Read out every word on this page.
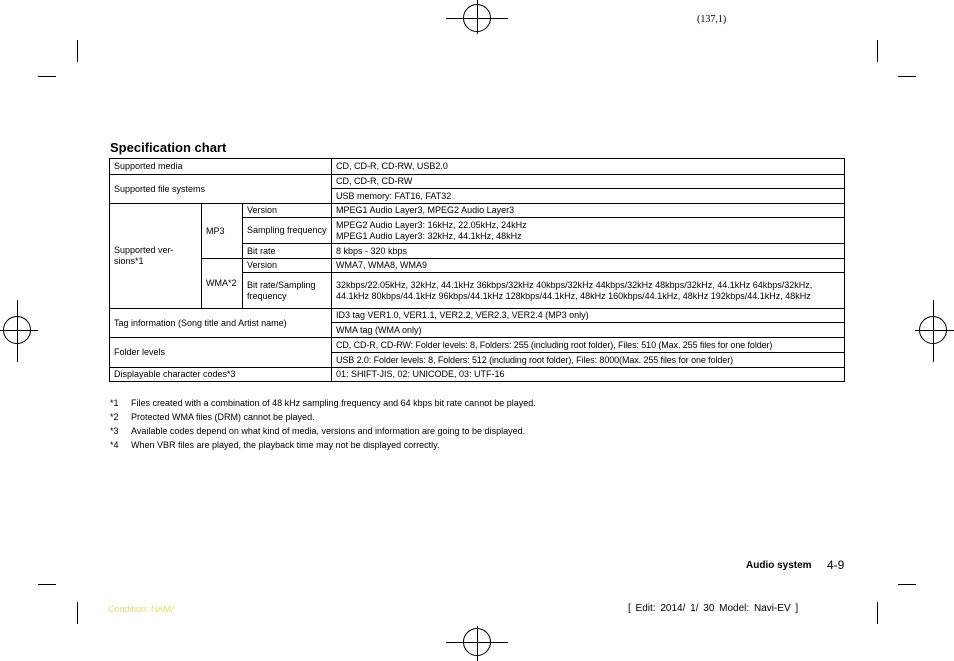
(137,1)
Specification chart
Supported media			CD, CD-R, CD-RW, USB2.0
Supported file systems			CD, CD-R, CD-RW
			USB memory: FAT16, FAT32
Supported ver-
sions*1	MP3	Version	MPEG1 Audio Layer3, MPEG2 Audio Layer3
		Sampling frequency	MPEG2 Audio Layer3: 16kHz, 22.05kHz, 24kHz
MPEG1 Audio Layer3: 32kHz, 44.1kHz, 48kHz
		Bit rate	8 kbps - 320 kbps
	WMA*2	Version	WMA7, WMA8, WMA9
		Bit rate/Sampling frequency	32kbps/22.05kHz, 32kHz, 44.1kHz 36kbps/32kHz 40kbps/32kHz 44kbps/32kHz 48kbps/32kHz, 44.1kHz 64kbps/32kHz, 44.1kHz 80kbps/44.1kHz 96kbps/44.1kHz 128kbps/44.1kHz, 48kHz 160kbps/44.1kHz, 48kHz 192kbps/44.1kHz, 48kHz
Tag information (Song title and Artist name)			ID3 tag VER1.0, VER1.1, VER2.2, VER2.3, VER2.4 (MP3 only)
			WMA tag (WMA only)
Folder levels			CD, CD-R, CD-RW: Folder levels: 8, Folders: 255 (including root folder), Files: 510 (Max. 255 files for one folder)
			USB 2.0: Folder levels: 8, Folders: 512 (including root folder), Files: 8000(Max. 255 files for one folder)
Displayable character codes*3			01: SHIFT-JIS, 02: UNICODE, 03: UTF-16
*1 Files created with a combination of 48 kHz sampling frequency and 64 kbps bit rate cannot be played.
*2 Protected WMA files (DRM) cannot be played.
*3 Available codes depend on what kind of media, versions and information are going to be displayed.
*4 When VBR files are played, the playback time may not be displayed correctly.
Audio system 4-9
Condition: NAM/	[ Edit: 2014/ 1/ 30 Model: Navi-EV ]
